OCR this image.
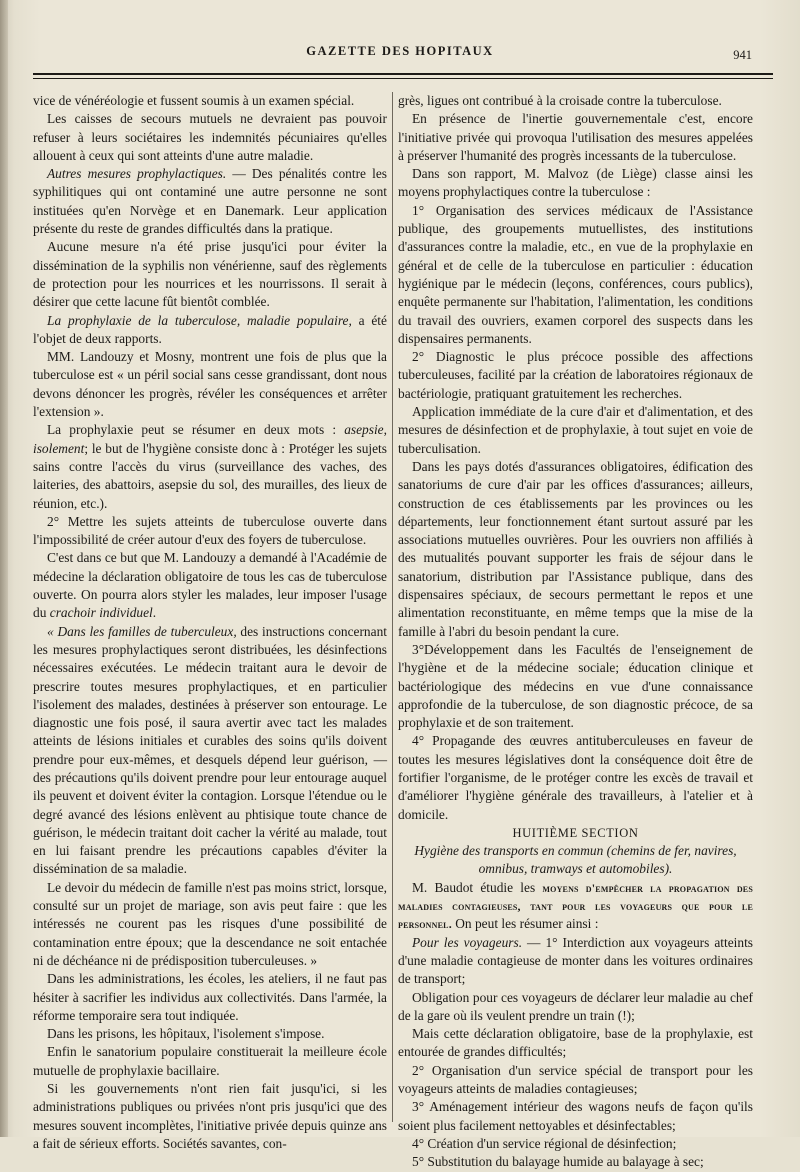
GAZETTE DES HOPITAUX	941

vice de vénéréologie et fussent soumis à un examen spécial.

Les caisses de secours mutuels ne devraient pas pouvoir refuser à leurs sociétaires les indemnités pécuniaires qu'elles allouent à ceux qui sont atteints d'une autre maladie.

Autres mesures prophylactiques. — Des pénalités contre les syphilitiques qui ont contaminé une autre personne ne sont instituées qu'en Norvège et en Danemark. Leur application présente du reste de grandes difficultés dans la pratique.

Aucune mesure n'a été prise jusqu'ici pour éviter la dissémination de la syphilis non vénérienne, sauf des règlements de protection pour les nourrices et les nourrissons. Il serait à désirer que cette lacune fût bientôt comblée.

La prophylaxie de la tuberculose, maladie populaire, a été l'objet de deux rapports.

MM. Landouzy et Mosny, montrent une fois de plus que la tuberculose est « un péril social sans cesse grandissant, dont nous devons dénoncer les progrès, révéler les conséquences et arrêter l'extension ».

La prophylaxie peut se résumer en deux mots : asepsie, isolement; le but de l'hygiène consiste donc à : Protéger les sujets sains contre l'accès du virus (surveillance des vaches, des laiteries, des abattoirs, asepsie du sol, des murailles, des lieux de réunion, etc.).

2° Mettre les sujets atteints de tuberculose ouverte dans l'impossibilité de créer autour d'eux des foyers de tuberculose.

C'est dans ce but que M. Landouzy a demandé à l'Académie de médecine la déclaration obligatoire de tous les cas de tuberculose ouverte. On pourra alors styler les malades, leur imposer l'usage du crachoir individuel.

« Dans les familles de tuberculeux, des instructions concernant les mesures prophylactiques seront distribuées, les désinfections nécessaires exécutées. Le médecin traitant aura le devoir de prescrire toutes mesures prophylactiques, et en particulier l'isolement des malades, destinées à préserver son entourage. Le diagnostic une fois posé, il saura avertir avec tact les malades atteints de lésions initiales et curables des soins qu'ils doivent prendre pour eux-mêmes, et desquels dépend leur guérison, — des précautions qu'ils doivent prendre pour leur entourage auquel ils peuvent et doivent éviter la contagion. Lorsque l'étendue ou le degré avancé des lésions enlèvent au phtisique toute chance de guérison, le médecin traitant doit cacher la vérité au malade, tout en lui faisant prendre les précautions capables d'éviter la dissémination de sa maladie.

Le devoir du médecin de famille n'est pas moins strict, lorsque, consulté sur un projet de mariage, son avis peut faire : que les intéressés ne courent pas les risques d'une possibilité de contamination entre époux; que la descendance ne soit entachée ni de déchéance ni de prédisposition tuberculeuses. »

Dans les administrations, les écoles, les ateliers, il ne faut pas hésiter à sacrifier les individus aux collectivités. Dans l'armée, la réforme temporaire sera tout indiquée.

Dans les prisons, les hôpitaux, l'isolement s'impose.

Enfin le sanatorium populaire constituerait la meilleure école mutuelle de prophylaxie bacillaire.

Si les gouvernements n'ont rien fait jusqu'ici, si les administrations publiques ou privées n'ont pris jusqu'ici que des mesures souvent incomplètes, l'initiative privée depuis quinze ans a fait de sérieux efforts. Sociétés savantes, con-

grès, ligues ont contribué à la croisade contre la tuberculose.

En présence de l'inertie gouvernementale c'est, encore l'initiative privée qui provoqua l'utilisation des mesures appelées à préserver l'humanité des progrès incessants de la tuberculose.

Dans son rapport, M. Malvoz (de Liège) classe ainsi les moyens prophylactiques contre la tuberculose :

1° Organisation des services médicaux de l'Assistance publique, des groupements mutuellistes, des institutions d'assurances contre la maladie, etc., en vue de la prophylaxie en général et de celle de la tuberculose en particulier : éducation hygiénique par le médecin (leçons, conférences, cours publics), enquête permanente sur l'habitation, l'alimentation, les conditions du travail des ouvriers, examen corporel des suspects dans les dispensaires permanents.

2° Diagnostic le plus précoce possible des affections tuberculeuses, facilité par la création de laboratoires régionaux de bactériologie, pratiquant gratuitement les recherches.

Application immédiate de la cure d'air et d'alimentation, et des mesures de désinfection et de prophylaxie, à tout sujet en voie de tuberculisation.

Dans les pays dotés d'assurances obligatoires, édification des sanatoriums de cure d'air par les offices d'assurances; ailleurs, construction de ces établissements par les provinces ou les départements, leur fonctionnement étant surtout assuré par les associations mutuelles ouvrières. Pour les ouvriers non affiliés à des mutualités pouvant supporter les frais de séjour dans le sanatorium, distribution par l'Assistance publique, dans des dispensaires spéciaux, de secours permettant le repos et une alimentation reconstituante, en même temps que la mise de la famille à l'abri du besoin pendant la cure.

3°Développement dans les Facultés de l'enseignement de l'hygiène et de la médecine sociale; éducation clinique et bactériologique des médecins en vue d'une connaissance approfondie de la tuberculose, de son diagnostic précoce, de sa prophylaxie et de son traitement.

4° Propagande des œuvres antituberculeuses en faveur de toutes les mesures législatives dont la conséquence doit être de fortifier l'organisme, de le protéger contre les excès de travail et d'améliorer l'hygiène générale des travailleurs, à l'atelier et à domicile.

HUITIÈME SECTION

Hygiène des transports en commun (chemins de fer, navires, omnibus, tramways et automobiles).

M. Baudot étudie les moyens d'empêcher la propagation des maladies contagieuses, tant pour les voyageurs que pour le personnel. On peut les résumer ainsi :

Pour les voyageurs. — 1° Interdiction aux voyageurs atteints d'une maladie contagieuse de monter dans les voitures ordinaires de transport;

Obligation pour ces voyageurs de déclarer leur maladie au chef de la gare où ils veulent prendre un train (!);

Mais cette déclaration obligatoire, base de la prophylaxie, est entourée de grandes difficultés;

2° Organisation d'un service spécial de transport pour les voyageurs atteints de maladies contagieuses;

3° Aménagement intérieur des wagons neufs de façon qu'ils soient plus facilement nettoyables et désinfectables;

4° Création d'un service régional de désinfection;

5° Substitution du balayage humide au balayage à sec;
